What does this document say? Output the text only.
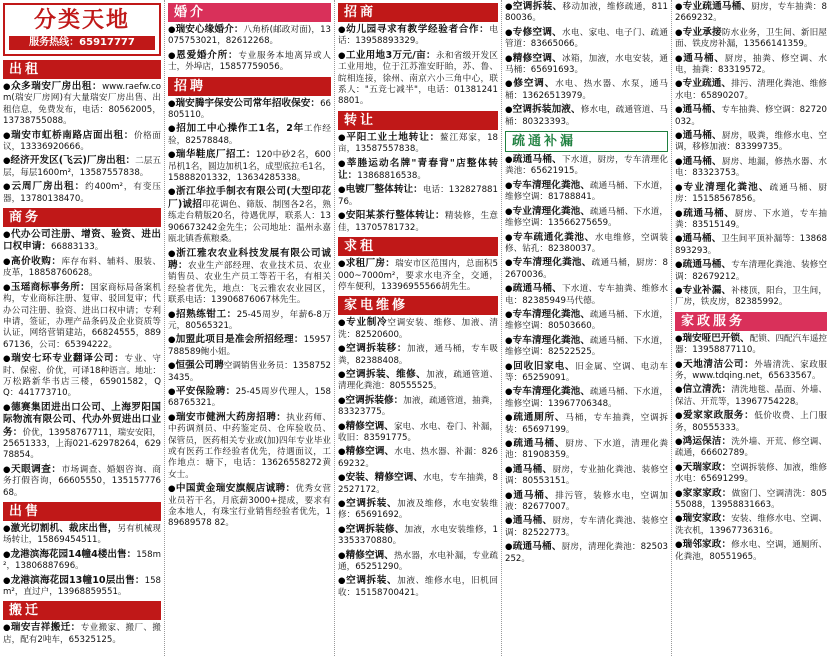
分类天地
服务热线：65917777
出租
●众多瑞安厂房出租：www.raefw.com(瑞安厂房网)有大量瑞安厂房出售、出租信息，免费发布，电话：80562005，13738755088。
●瑞安市虹桥南路店面出租：价格面议，13336920666。
●经济开发区(飞云)厂房出租：二层五层，每层1600m²，13587557838。
●云周厂房出租：约400m²，有变压器，13780138470。
商务
●代办公司注册、增资、验资、进出口权申请：66883133。
●高价收购：库存布料、辅料、服装、皮革，18858760628。
●玉瑶商标事务所：国家商标局备案机构，专业商标注册、复审、驳回复审；代办公司注册、验资、进出口权申请；专利申请，签证，办理产品条码及企业资质等认证，网络营销建站，66824555，88967136，公司：65394222。
●瑞安七环专业翻译公司：专业、守时、保密、价优，可译18种语言。地址：万松路新华书店三楼，65901582，QQ：441773710。
●德赛集团进出口公司、上海罗阳国际物流有限公司、代办外贸进出口业务：价优，13958767711，瑞安安阳，25651333，上海021-62978264，62978854。
●天眼调查：市场调查、婚姻咨询、商务打假咨询，66605550，13515777668。
出售
●激光切割机、裁床出售，另有机械现场转让，15869454511。
●龙港滨海花园14幢4楼出售：158m²，13806887696。
●龙港滨海花园13幢10层出售：158m²，直过户，13968859551。
搬迁
●瑞安吉祥搬迁：专业搬家、搬厂、搬店，配有2吨车，65325125。
婚介
●瑞安心缘婚介：八角桥(邮政对面)，13075753021，82612268。
●恩爱婚介所：专业服务本地离异或人士，外埠店，15857759056。
招聘
●瑞安腾宇保安公司常年招收保安：66805110。
●招加工中心操作工1名，2年工作经验，82578848。
●瑞华鞋底厂招工：120中砂2名，600吊机1名，圆边加机1名，成型底拉毛1名，15888201332，13634285338。
●浙江华拉手制衣有限公司(大型印花厂)诚招印花调色、筛版、制图各2名，熟练走台精版20名，待遇优厚，联系人：13906673242金先生；公司地址：温州永嘉瓯北镇香蕉粮桑。
●浙江雅农农业科技发展有限公司诚聘：农业生产部经理、农业技术员、农业销售员、农业生产员工等若干名，有相关经验者优先，地点：飞云雅农农业园区，联系电话：13906876067林先生。
●招熟练钳工：25-45周岁，年薪6-8万元，80565321。
●加盟此项目是准会所招经理：15957788589鲍小姐。
●恒强公司聘空调销售业务员：13587523435。
●平安保险聘：25-45周岁代理人，15868765321。
●瑞安市健洲大药房招聘：执业药师、中药调剂员、中药鉴定员、仓库验收员、保管员，医药相关专业或(加)四年专业毕业或有医药工作经验者优先，待遇面议，工作地点：塘下，电话：13626558272黄女士。
●中国黄金瑞安旗舰店诚聘：优秀女营业员若干名，月底薪3000+提成，要求有金本地人，有珠宝行业销售经验者优先，189689578 82。
招商
●幼儿园寻求有教学经验者合作：电话：13958893329。
●工业用地3万元/亩：永和省级开发区工业用地，位于江苏淮安盱眙，苏、鲁、皖相连接，徐州、南京六小三角中心，联系人："五竞七减半"，电话：013812418801。
转让
●平阳工业土地转让：鳌江郑家，18亩，13587557838。
●莘塍运动名牌"青春背"店整体转让：13868816538。
●电镀厂整体转让：电话：13282788176。
●安阳某茶行整体转让：精装修，生意佳，13705781732。
求租
●求租厂房：瑞安市区范围内，总面积5000~7000m²，要求水电齐全，交通，停车便利，13396955566胡先生。
家电维修
●专业制冷空调安装、维修、加液、清洗：82520600。
●空调拆装移：加液，通马桶，专车吸粪，82388408。
●空调拆装、维修、加液，疏通管道、清理化粪池：80555525。
●空调拆装修：加液，疏通管道，抽粪，83323775。
●精修空调、家电、水电、卷门、补漏，收旧：83591775。
●精修空调、水电、热水器、补漏：82669232。
●安装、精修空调、水电，专车抽粪，82527172。
●空调拆装、加液及维修，水电安装维修：65691692。
●空调拆装修、加液，水电安装维修，13353370880。
●精修空调、热水器，水电补漏，专业疏通，65251290。
●空调拆装、加液、维修水电，旧机回收：15158700421。
●空调拆装、移动加液，维修疏通，81180036。
●专修空调、水电、家电、电子门、疏通管道：83665066。
●精修空调、冰箱，加液，水电安装，通马桶：65691693。
●修空调、水电、热水器、水泵，通马桶：13626513979。
●空调拆装加液、修水电，疏通管道、马桶：80323393。
疏通补漏
●疏通马桶、下水道，厨房，专车清理化粪池：65621915。
●专车清理化粪池、疏通马桶、下水道，维修空调：81788841。
●专业清理化粪池、疏通马桶、下水道，维修空调：13566275659。
●专车疏通化粪池、水电维修，空调装修、钻孔：82380037。
●专车清理化粪池、疏通马桶，厨房：82670036。
●疏通马桶、下水道、专车抽粪、维修水电：82385949马代德。
●专车清理化粪池、疏通马桶、下水道，维修空调：80503660。
●专车清理化粪池、疏通马桶、下水道，维修空调：82522525。
●回收旧家电、旧金属、空调、电动车等：65259091。
●专车清理化粪池、疏通马桶、下水道，维修空调：13967706348。
●疏通厕所、马桶，专车抽粪，空调拆装：65697199。
●疏通马桶、厨房、下水道，清理化粪池：81908359。
●通马桶、厨房，专业抽化粪池、装修空调：80553151。
●通马桶、排污管，装修水电，空调加液：82677007。
●通马桶、厨房，专车清化粪池、装修空调：82522773。
●疏通马桶、厨房，清理化粪池：82503252。
●专业疏通马桶、厨房，专车抽粪：82669232。
●专业承接防水业务，卫生间、新旧屋面、铁皮房补漏，13566141359。
●通马桶、厨房，抽粪、修空调、水电，抽粪：83319572。
●专业疏通、排污、清理化粪池、维修水电：65890207。
●通马桶、专车抽粪、修空调：82720032。
●通马桶、厨房，吸粪，维修水电、空调，移修加液：83399735。
●通马桶、厨房、地漏，修热水器、水电：83323753。
●专业清理化粪池、疏通马桶、厨房：15158567856。
●疏通马桶、厨房、下水道，专车抽粪：83515149。
●通马桶、卫生间平顶补漏等：13868893293。
●疏通马桶、专车清理化粪池、装修空调：82679212。
●专业补漏、补楼顶，阳台，卫生间，厂房，铁皮房，82385992。
家政服务
●瑞安哑巴开锁、配锁、四配汽车遥控器：13958877110。
●天地清洁公司：外墙清洗、家政服务，www.tdqing.net，65633567。
●信立清洗：清洗地毯、晶面、外墙、保洁、开荒等，13967754228。
●爱家家政服务：低价收费、上门服务，80555333。
●鸿运保洁：洗外墙、开荒、修空调、疏通，66602789。
●天瑞家政：空调拆装修、加液，维修水电：65691299。
●家家家政：做窗门、空调清洗：80555088，13958831663。
●瑞安家政：安装、维修水电、空调、洗衣机，13967736316。
●瑞邻家政：修水电、空调，通厕所、化粪池，80551965。
